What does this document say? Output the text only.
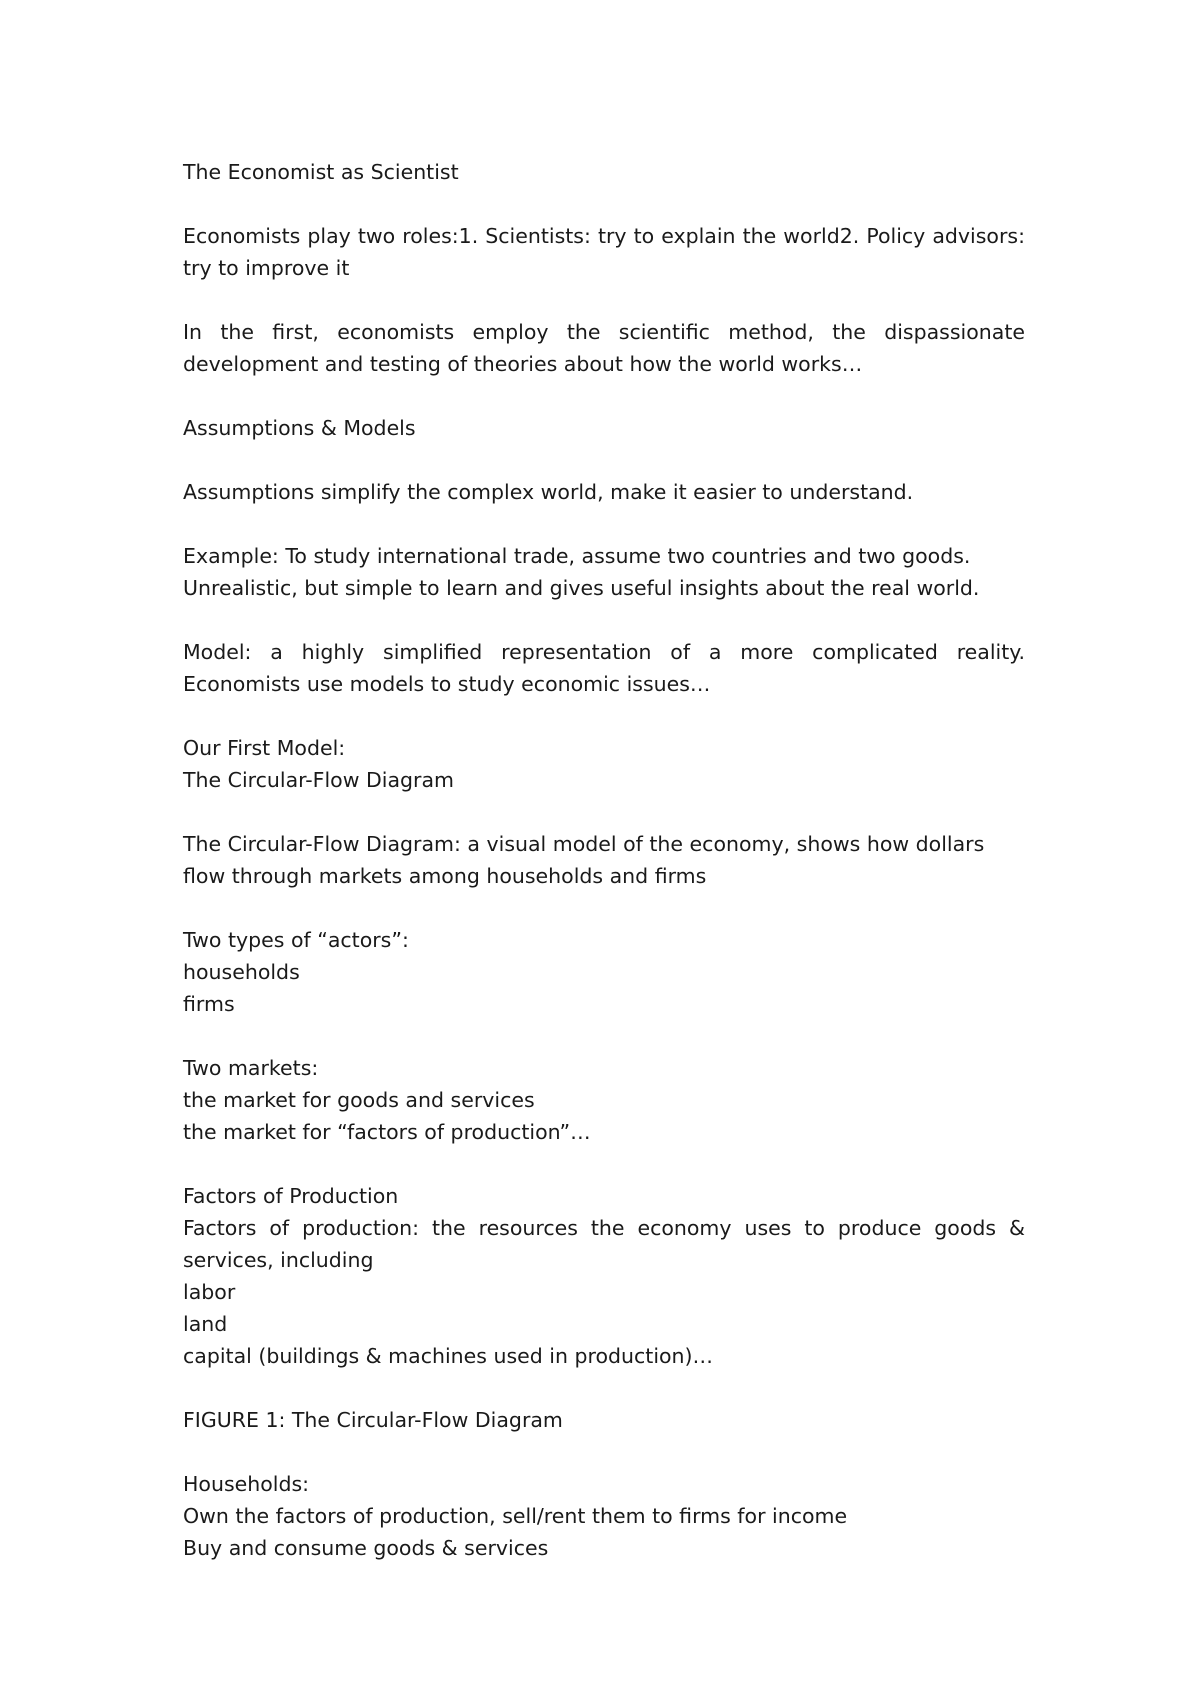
The Economist as Scientist

Economists play two roles:1. Scientists: try to explain the world2. Policy advisors: try to improve it

In the first, economists employ the scientific method, the dispassionate development and testing of theories about how the world works…

Assumptions & Models

Assumptions simplify the complex world, make it easier to understand.

Example: To study international trade, assume two countries and two goods. Unrealistic, but simple to learn and gives useful insights about the real world.

Model: a highly simplified representation of a more complicated reality. Economists use models to study economic issues…

Our First Model:
The Circular-Flow Diagram

The Circular-Flow Diagram: a visual model of the economy, shows how dollars flow through markets among households and firms

Two types of “actors”:
households
firms

Two markets:
the market for goods and services
the market for “factors of production”…

Factors of Production
Factors of production: the resources the economy uses to produce goods & services, including
labor
land
capital (buildings & machines used in production)…

FIGURE 1: The Circular-Flow Diagram

Households:
Own the factors of production, sell/rent them to firms for income
Buy and consume goods & services
